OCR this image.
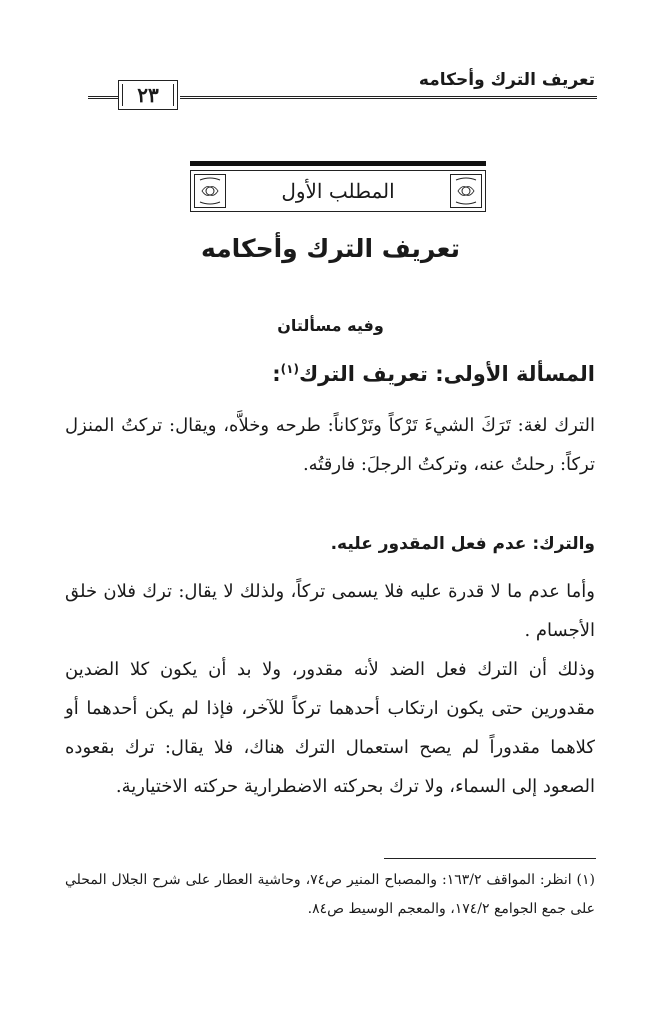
تعريف الترك وأحكامه
٢٣
المطلب الأول
تعريف الترك وأحكامه
وفيه مسألتان
المسألة الأولى: تعريف الترك$^{(١)}$:
الترك لغة: تَرَكَ الشيءَ تَرْكاً وتَرْكاناً: طرحه وخلاَّه، ويقال: تركتُ المنزل تركاً: رحلتُ عنه، وتركتُ الرجلَ: فارقتُه.
والترك: عدم فعل المقدور عليه.
وأما عدم ما لا قدرة عليه فلا يسمى تركاً، ولذلك لا يقال: ترك فلان خلق الأجسام .
وذلك أن الترك فعل الضد لأنه مقدور، ولا بد أن يكون كلا الضدين مقدورين حتى يكون ارتكاب أحدهما تركاً للآخر، فإذا لم يكن أحدهما أو كلاهما مقدوراً لم يصح استعمال الترك هناك، فلا يقال: ترك بقعوده الصعود إلى السماء، ولا ترك بحركته الاضطرارية حركته الاختيارية.
(١) انظر: المواقف ١٦٣/٢: والمصباح المنير ص٧٤، وحاشية العطار على شرح الجلال المحلي على جمع الجوامع ١٧٤/٢، والمعجم الوسيط ص٨٤.
